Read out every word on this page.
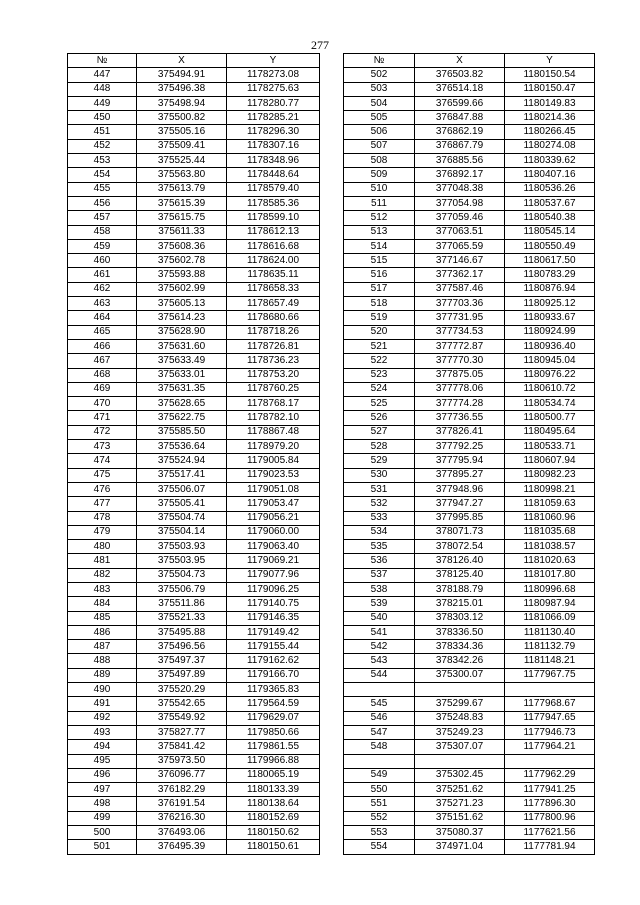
277
№	X	Y
447	375494.91	1178273.08
448	375496.38	1178275.63
449	375498.94	1178280.77
450	375500.82	1178285.21
451	375505.16	1178296.30
452	375509.41	1178307.16
453	375525.44	1178348.96
454	375563.80	1178448.64
455	375613.79	1178579.40
456	375615.39	1178585.36
457	375615.75	1178599.10
458	375611.33	1178612.13
459	375608.36	1178616.68
460	375602.78	1178624.00
461	375593.88	1178635.11
462	375602.99	1178658.33
463	375605.13	1178657.49
464	375614.23	1178680.66
465	375628.90	1178718.26
466	375631.60	1178726.81
467	375633.49	1178736.23
468	375633.01	1178753.20
469	375631.35	1178760.25
470	375628.65	1178768.17
471	375622.75	1178782.10
472	375585.50	1178867.48
473	375536.64	1178979.20
474	375524.94	1179005.84
475	375517.41	1179023.53
476	375506.07	1179051.08
477	375505.41	1179053.47
478	375504.74	1179056.21
479	375504.14	1179060.00
480	375503.93	1179063.40
481	375503.95	1179069.21
482	375504.73	1179077.96
483	375506.79	1179096.25
484	375511.86	1179140.75
485	375521.33	1179146.35
486	375495.88	1179149.42
487	375496.56	1179155.44
488	375497.37	1179162.62
489	375497.89	1179166.70
490	375520.29	1179365.83
491	375542.65	1179564.59
492	375549.92	1179629.07
493	375827.77	1179850.66
494	375841.42	1179861.55
495	375973.50	1179966.88
496	376096.77	1180065.19
497	376182.29	1180133.39
498	376191.54	1180138.64
499	376216.30	1180152.69
500	376493.06	1180150.62
501	376495.39	1180150.61
№	X	Y
502	376503.82	1180150.54
503	376514.18	1180150.47
504	376599.66	1180149.83
505	376847.88	1180214.36
506	376862.19	1180266.45
507	376867.79	1180274.08
508	376885.56	1180339.62
509	376892.17	1180407.16
510	377048.38	1180536.26
511	377054.98	1180537.67
512	377059.46	1180540.38
513	377063.51	1180545.14
514	377065.59	1180550.49
515	377146.67	1180617.50
516	377362.17	1180783.29
517	377587.46	1180876.94
518	377703.36	1180925.12
519	377731.95	1180933.67
520	377734.53	1180924.99
521	377772.87	1180936.40
522	377770.30	1180945.04
523	377875.05	1180976.22
524	377778.06	1180610.72
525	377774.28	1180534.74
526	377736.55	1180500.77
527	377826.41	1180495.64
528	377792.25	1180533.71
529	377795.94	1180607.94
530	377895.27	1180982.23
531	377948.96	1180998.21
532	377947.27	1181059.63
533	377995.85	1181060.96
534	378071.73	1181035.68
535	378072.54	1181038.57
536	378126.40	1181020.63
537	378125.40	1181017.80
538	378188.79	1180996.68
539	378215.01	1180987.94
540	378303.12	1181066.09
541	378336.50	1181130.40
542	378334.36	1181132.79
543	378342.26	1181148.21
544	375300.07	1177967.75

545	375299.67	1177968.67
546	375248.83	1177947.65
547	375249.23	1177946.73
548	375307.07	1177964.21

549	375302.45	1177962.29
550	375251.62	1177941.25
551	375271.23	1177896.30
552	375151.62	1177800.96
553	375080.37	1177621.56
554	374971.04	1177781.94
